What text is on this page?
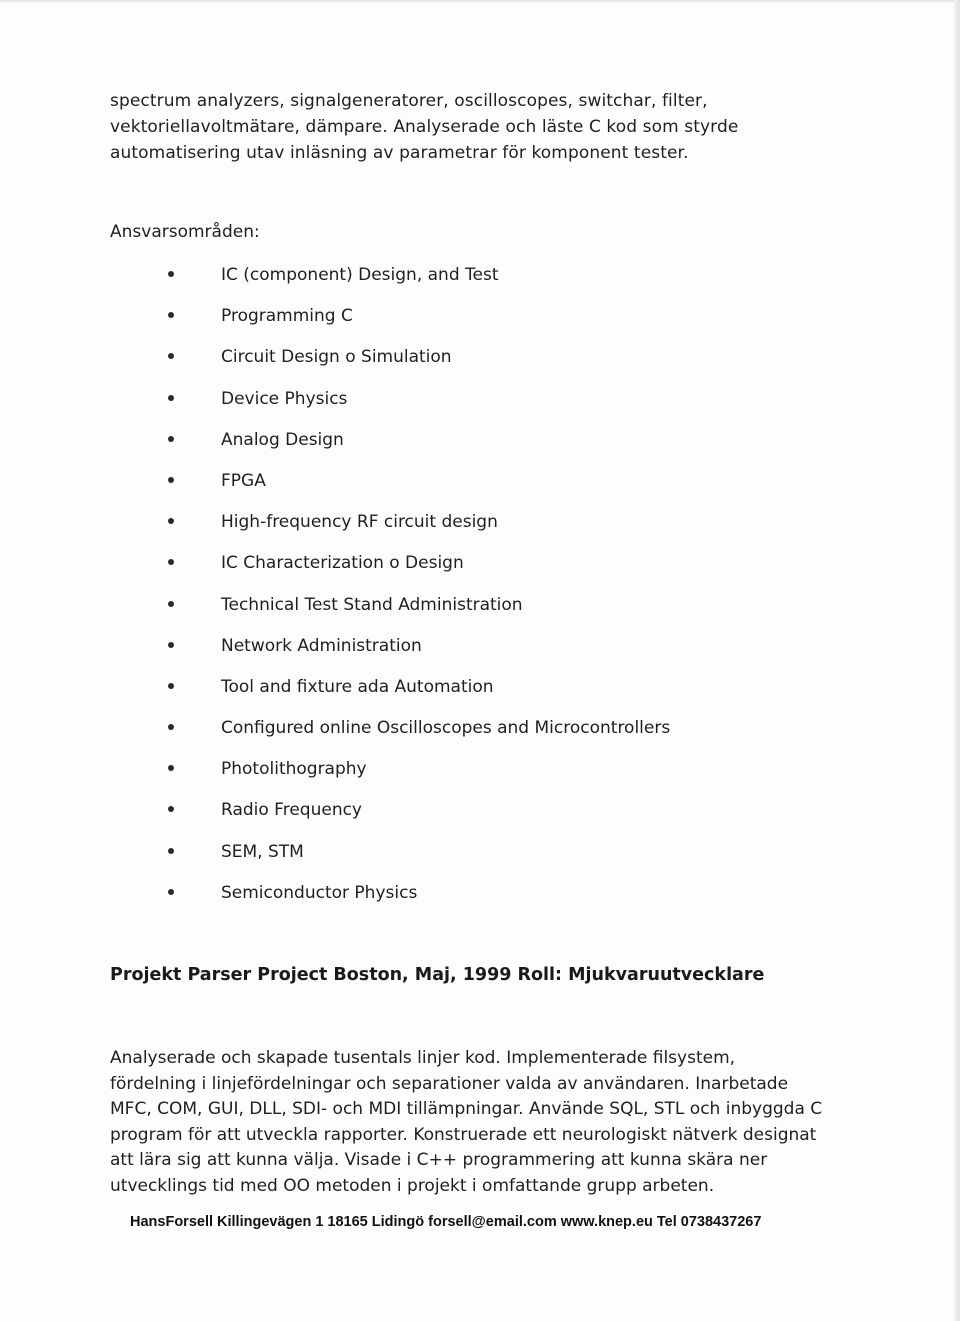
spectrum analyzers, signalgeneratorer, oscilloscopes, switchar, filter,

vektoriellavoltmätare, dämpare. Analyserade och läste C kod som styrde

automatisering utav inläsning av parametrar för komponent tester.

Ansvarsområden:
IC (component) Design, and Test
Programming C
Circuit Design o Simulation
Device Physics
Analog Design
FPGA
High-frequency RF circuit design
IC Characterization o Design
Technical Test Stand Administration
Network Administration
Tool and fixture ada Automation
Configured online Oscilloscopes and Microcontrollers
Photolithography
Radio Frequency
SEM, STM
Semiconductor Physics
Projekt Parser Project Boston, Maj, 1999 Roll: Mjukvaruutvecklare
Analyserade och skapade tusentals linjer kod. Implementerade filsystem,
fördelning i linjefördelningar och separationer valda av användaren. Inarbetade
MFC, COM, GUI, DLL, SDI- och MDI tillämpningar. Använde SQL, STL och inbyggda C
program för att utveckla rapporter. Konstruerade ett neurologiskt nätverk designat
att lära sig att kunna välja. Visade i C++ programmering att kunna skära ner
utvecklings tid med OO metoden i projekt i omfattande grupp arbeten.
HansForsell Killingevägen 1 18165 Lidingö forsell@email.com www.knep.eu Tel 0738437267
